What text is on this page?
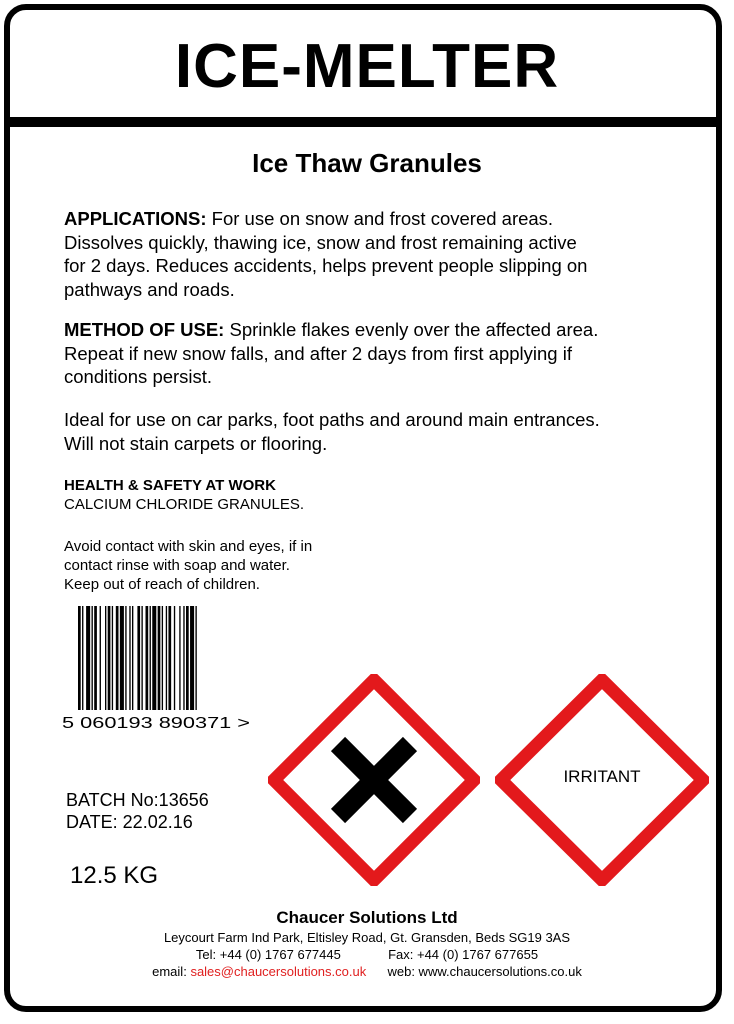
ICE-MELTER
Ice Thaw Granules
APPLICATIONS: For use on snow and frost covered areas.
Dissolves quickly, thawing ice, snow and frost remaining active
for 2 days. Reduces accidents, helps prevent people slipping on
pathways and roads.
METHOD OF USE: Sprinkle flakes evenly over the affected area.
Repeat if new snow falls, and after 2 days from first applying if
conditions persist.
Ideal for use on car parks, foot paths and around main entrances.
Will not stain carpets or flooring.
HEALTH & SAFETY AT WORK
CALCIUM CHLORIDE GRANULES.
Avoid contact with skin and eyes, if in
contact rinse with soap and water.
Keep out of reach of children.
5 060193 890371 >
IRRITANT
BATCH No:13656
DATE: 22.02.16
12.5 KG
Chaucer Solutions Ltd
Leycourt Farm Ind Park, Eltisley Road, Gt. Gransden, Beds SG19 3AS
Tel: +44 (0) 1767 677445	Fax: +44 (0) 1767 677655
email: sales@chaucersolutions.co.uk web: www.chaucersolutions.co.uk
